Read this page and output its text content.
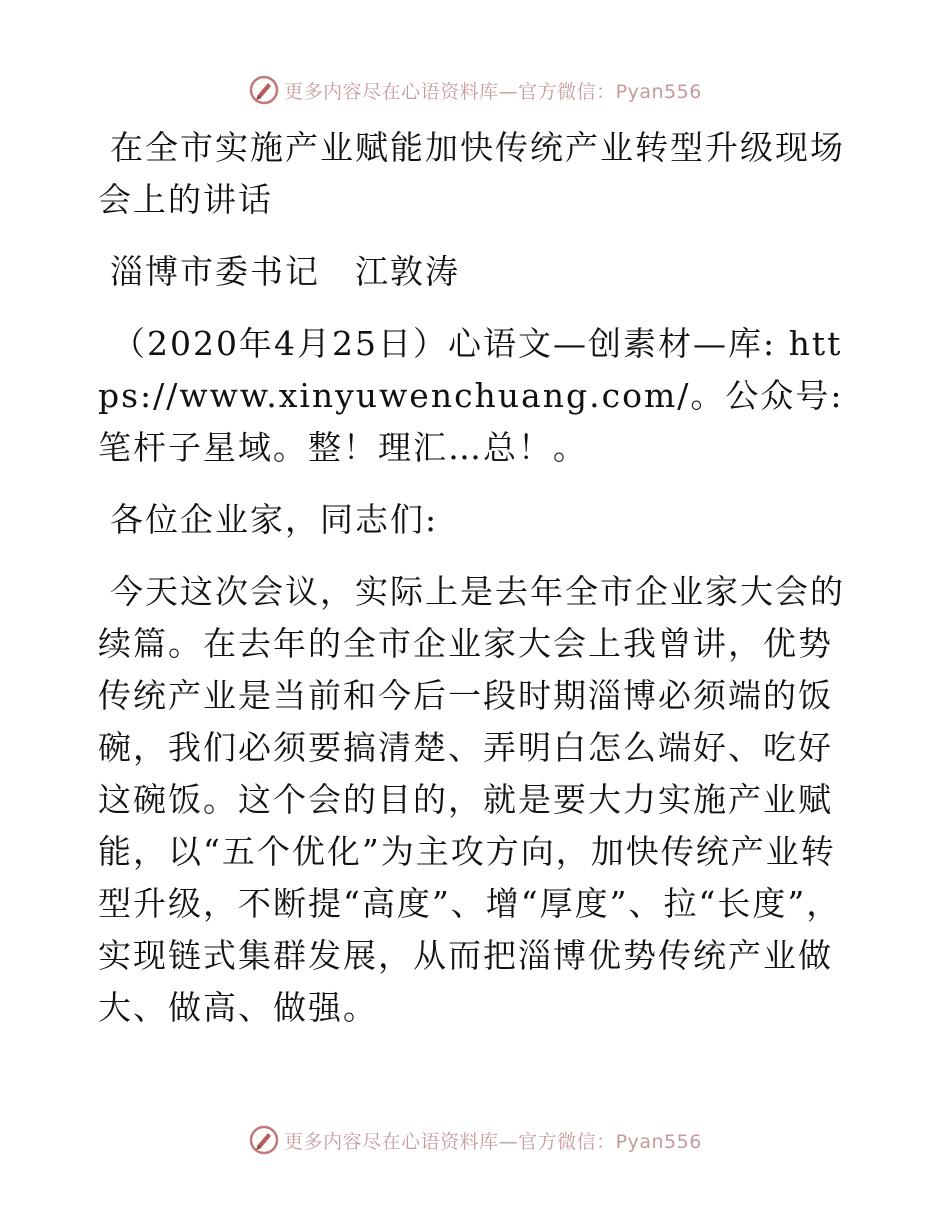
更多内容尽在心语资料库—官方微信：Pyan556

在全市实施产业赋能加快传统产业转型升级现场会上的讲话

淄博市委书记　江敦涛

（2020年4月25日）心语文—创素材—库: https://www.xinyuwenchuang.com/。公众号: 笔杆子星域。整！理汇…总！。

各位企业家，同志们:

今天这次会议，实际上是去年全市企业家大会的续篇。在去年的全市企业家大会上我曾讲，优势传统产业是当前和今后一段时期淄博必须端的饭碗，我们必须要搞清楚、弄明白怎么端好、吃好这碗饭。这个会的目的，就是要大力实施产业赋能，以“五个优化”为主攻方向，加快传统产业转型升级，不断提“高度”、增“厚度”、拉“长度”，实现链式集群发展，从而把淄博优势传统产业做大、做高、做强。

更多内容尽在心语资料库—官方微信：Pyan556
